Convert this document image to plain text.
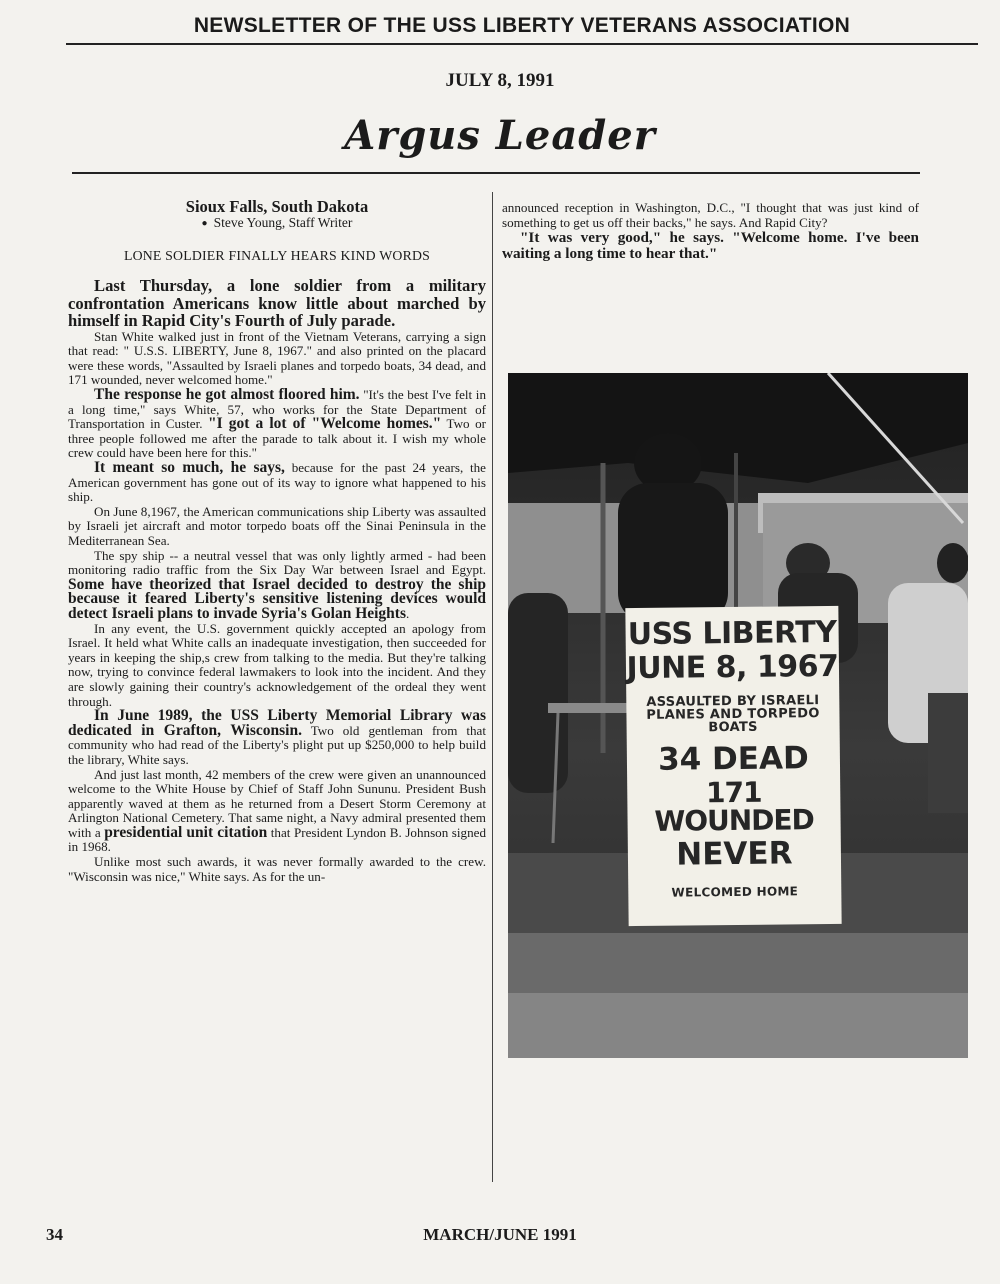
NEWSLETTER OF THE USS LIBERTY VETERANS ASSOCIATION
JULY 8, 1991
Argus Leader
Sioux Falls, South Dakota
● Steve Young, Staff Writer
LONE SOLDIER FINALLY HEARS KIND WORDS

Last Thursday, a lone soldier from a military confrontation Americans know little about marched by himself in Rapid City's Fourth of July parade.

Stan White walked just in front of the Vietnam Veterans, carrying a sign that read: " U.S.S. LIBERTY, June 8, 1967." and also printed on the placard were these words, "Assaulted by Israeli planes and torpedo boats, 34 dead, and 171 wounded, never welcomed home."

The response he got almost floored him. "It's the best I've felt in a long time," says White, 57, who works for the State Department of Transportation in Custer. "I got a lot of "Welcome homes." Two or three people followed me after the parade to talk about it. I wish my whole crew could have been here for this."

It meant so much, he says, because for the past 24 years, the American government has gone out of its way to ignore what happened to his ship.

On June 8,1967, the American communications ship Liberty was assaulted by Israeli jet aircraft and motor torpedo boats off the Sinai Peninsula in the Mediterranean Sea.

The spy ship -- a neutral vessel that was only lightly armed - had been monitoring radio traffic from the Six Day War between Israel and Egypt. Some have theorized that Israel decided to destroy the ship because it feared Liberty's sensitive listening devices would detect Israeli plans to invade Syria's Golan Heights.

In any event, the U.S. government quickly accepted an apology from Israel. It held what White calls an inadequate investigation, then succeeded for years in keeping the ship,s crew from talking to the media. But they're talking now, trying to convince federal lawmakers to look into the incident. And they are slowly gaining their country's acknowledgement of the ordeal they went through.

In June 1989, the USS Liberty Memorial Library was dedicated in Grafton, Wisconsin. Two old gentleman from that community who had read of the Liberty's plight put up $250,000 to help build the library, White says.

And just last month, 42 members of the crew were given an unannounced welcome to the White House by Chief of Staff John Sununu. President Bush apparently waved at them as he returned from a Desert Storm Ceremony at Arlington National Cemetery. That same night, a Navy admiral presented them with a presidential unit citation that President Lyndon B. Johnson signed in 1968.

Unlike most such awards, it was never formally awarded to the crew. "Wisconsin was nice," White says. As for the un-

announced reception in Washington, D.C., "I thought that was just kind of something to get us off their backs," he says. And Rapid City?

"It was very good," he says. "Welcome home. I've been waiting a long time to hear that."

USS LIBERTY
JUNE 8, 1967
ASSAULTED BY ISRAELI
PLANES AND TORPEDO
BOATS
34 DEAD
171 WOUNDED
NEVER
WELCOMED HOME
34	MARCH/JUNE 1991
